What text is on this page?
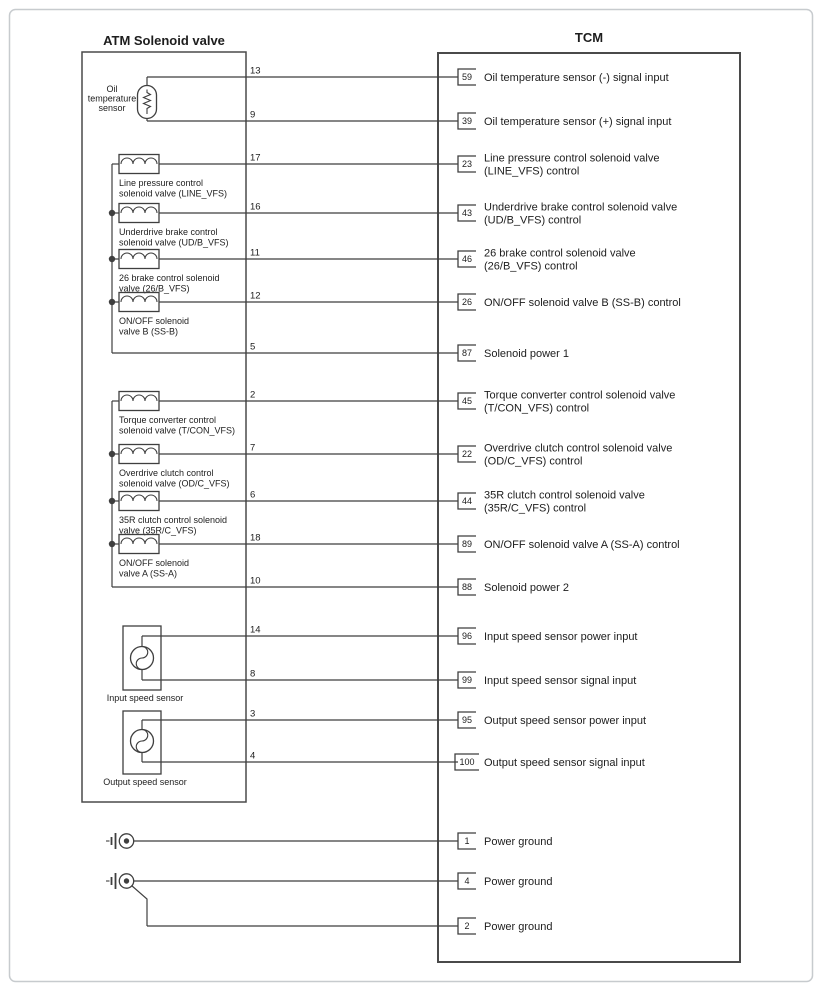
ATM Solenoid valve	TCM
13
59 Oil temperature sensor (-) signal input
9
39 Oil temperature sensor (+) signal input
17
23 Line pressure control solenoid valve
(LINE_VFS) control
16
43 Underdrive brake control solenoid valve
(UD/B_VFS) control
11
46 26 brake control solenoid valve
(26/B_VFS) control
12
26 ON/OFF solenoid valve B (SS-B) control
5
87 Solenoid power 1
2
45 Torque converter control solenoid valve
(T/CON_VFS) control
7
22 Overdrive clutch control solenoid valve
(OD/C_VFS) control
6
44 35R clutch control solenoid valve
(35R/C_VFS) control
18
89 ON/OFF solenoid valve A (SS-A) control
10
88 Solenoid power 2
14
96 Input speed sensor power input
8
99 Input speed sensor signal input
3
95 Output speed sensor power input
4
100 Output speed sensor signal input
1 Power ground
4 Power ground
2 Power ground
Oil
temperature
sensor
Line pressure control
solenoid valve (LINE_VFS)
Underdrive brake control
solenoid valve (UD/B_VFS)
26 brake control solenoid
valve (26/B_VFS)
ON/OFF solenoid
valve B (SS-B)
Torque converter control
solenoid valve (T/CON_VFS)
Overdrive clutch control
solenoid valve (OD/C_VFS)
35R clutch control solenoid
valve (35R/C_VFS)
ON/OFF solenoid
valve A (SS-A)
Input speed sensor
Output speed sensor
